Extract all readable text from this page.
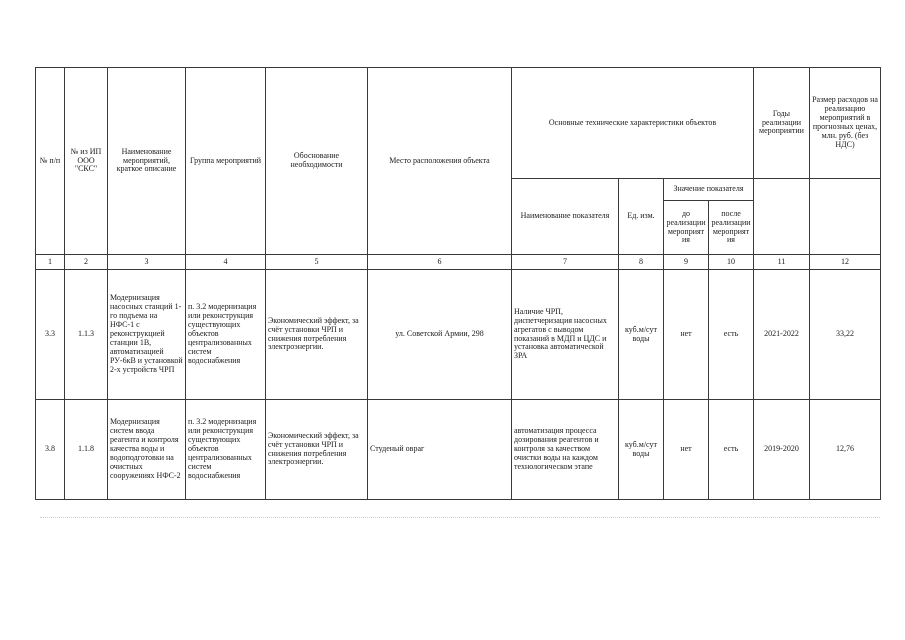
№ п/п	№ из ИП ООО "СКС"	Наименование мероприятий, краткое описание	Группа мероприятий	Обоснование необходимости	Место расположения объекта	Основные технические характеристики объектов				Годы реализации мероприятии	Размер расходов на реализацию мероприятий в прогнозных ценах, млн. руб. (без НДС)
						Наименование показателя	Ед. изм.	Значение показателя			
								до реализации мероприятия	после реализации мероприятия		
1	2	3	4	5	6	7	8	9	10	11	12
3.3	1.1.3	Модернизация насосных станций 1-го подъема на НФС-1 с реконструкцией станции 1В, автоматизацией РУ-6кВ и установкой 2-х устройств ЧРП	п. 3.2 модернизация или реконструкция существующих объектов централизованных систем водоснабжения	Экономический эффект, за счёт установки ЧРП и снижения потребления электроэнергии.	ул. Советской Армии, 298	Наличие ЧРП, диспетчеризация насосных агрегатов с выводом показаний в МДП и ЦДС и установка автоматической ЗРА	куб.м/сут воды	нет	есть	2021-2022	33,22
3.8	1.1.8	Модернизация систем ввода реагента и контроля качества воды и водоподготовки на очистных сооружениях НФС-2	п. 3.2 модернизация или реконструкция существующих объектов централизованных систем водоснабжения	Экономический эффект, за счёт установки ЧРП и снижения потребления электроэнергии.	Студеный овраг	автоматизация процесса дозирования реагентов и контроля за качеством очистки воды на каждом технологическом этапе	куб.м/сут воды	нет	есть	2019-2020	12,76
